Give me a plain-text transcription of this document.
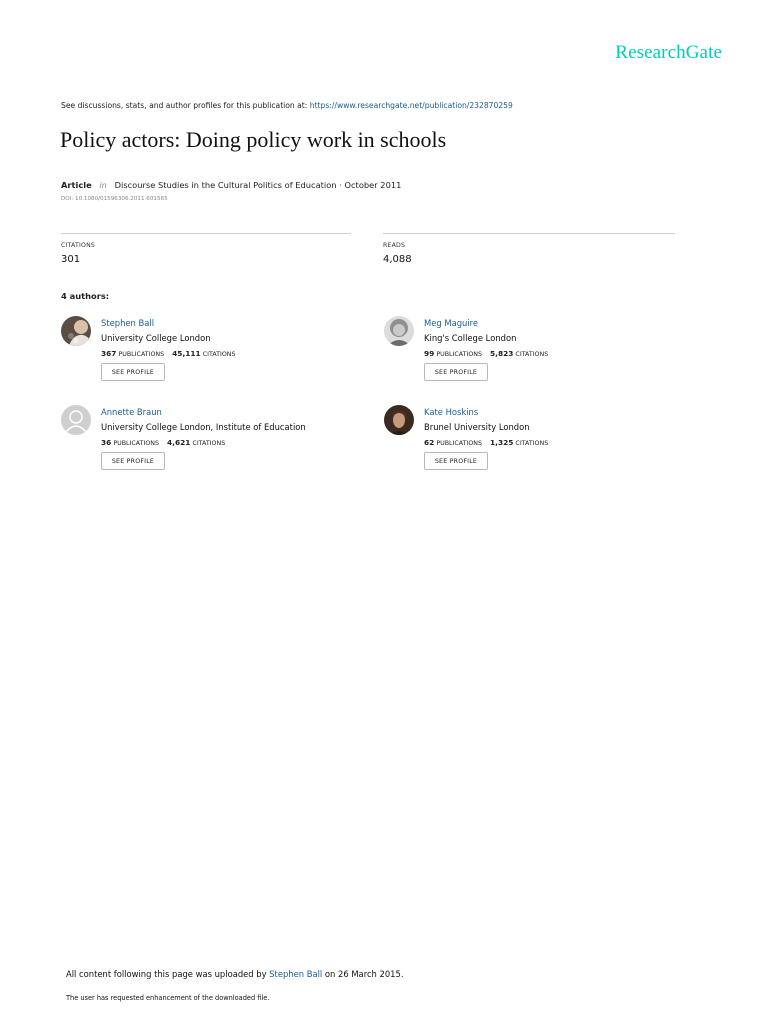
ResearchGate
See discussions, stats, and author profiles for this publication at: https://www.researchgate.net/publication/232870259
Policy actors: Doing policy work in schools
Article in Discourse Studies in the Cultural Politics of Education · October 2011
DOI: 10.1080/01596306.2011.601565
CITATIONS
301
READS
4,088
4 authors:
Stephen Ball
University College London
367 PUBLICATIONS 45,111 CITATIONS
SEE PROFILE
Meg Maguire
King's College London
99 PUBLICATIONS 5,823 CITATIONS
SEE PROFILE
Annette Braun
University College London, Institute of Education
36 PUBLICATIONS 4,621 CITATIONS
SEE PROFILE
Kate Hoskins
Brunel University London
62 PUBLICATIONS 1,325 CITATIONS
SEE PROFILE
All content following this page was uploaded by Stephen Ball on 26 March 2015.
The user has requested enhancement of the downloaded file.
